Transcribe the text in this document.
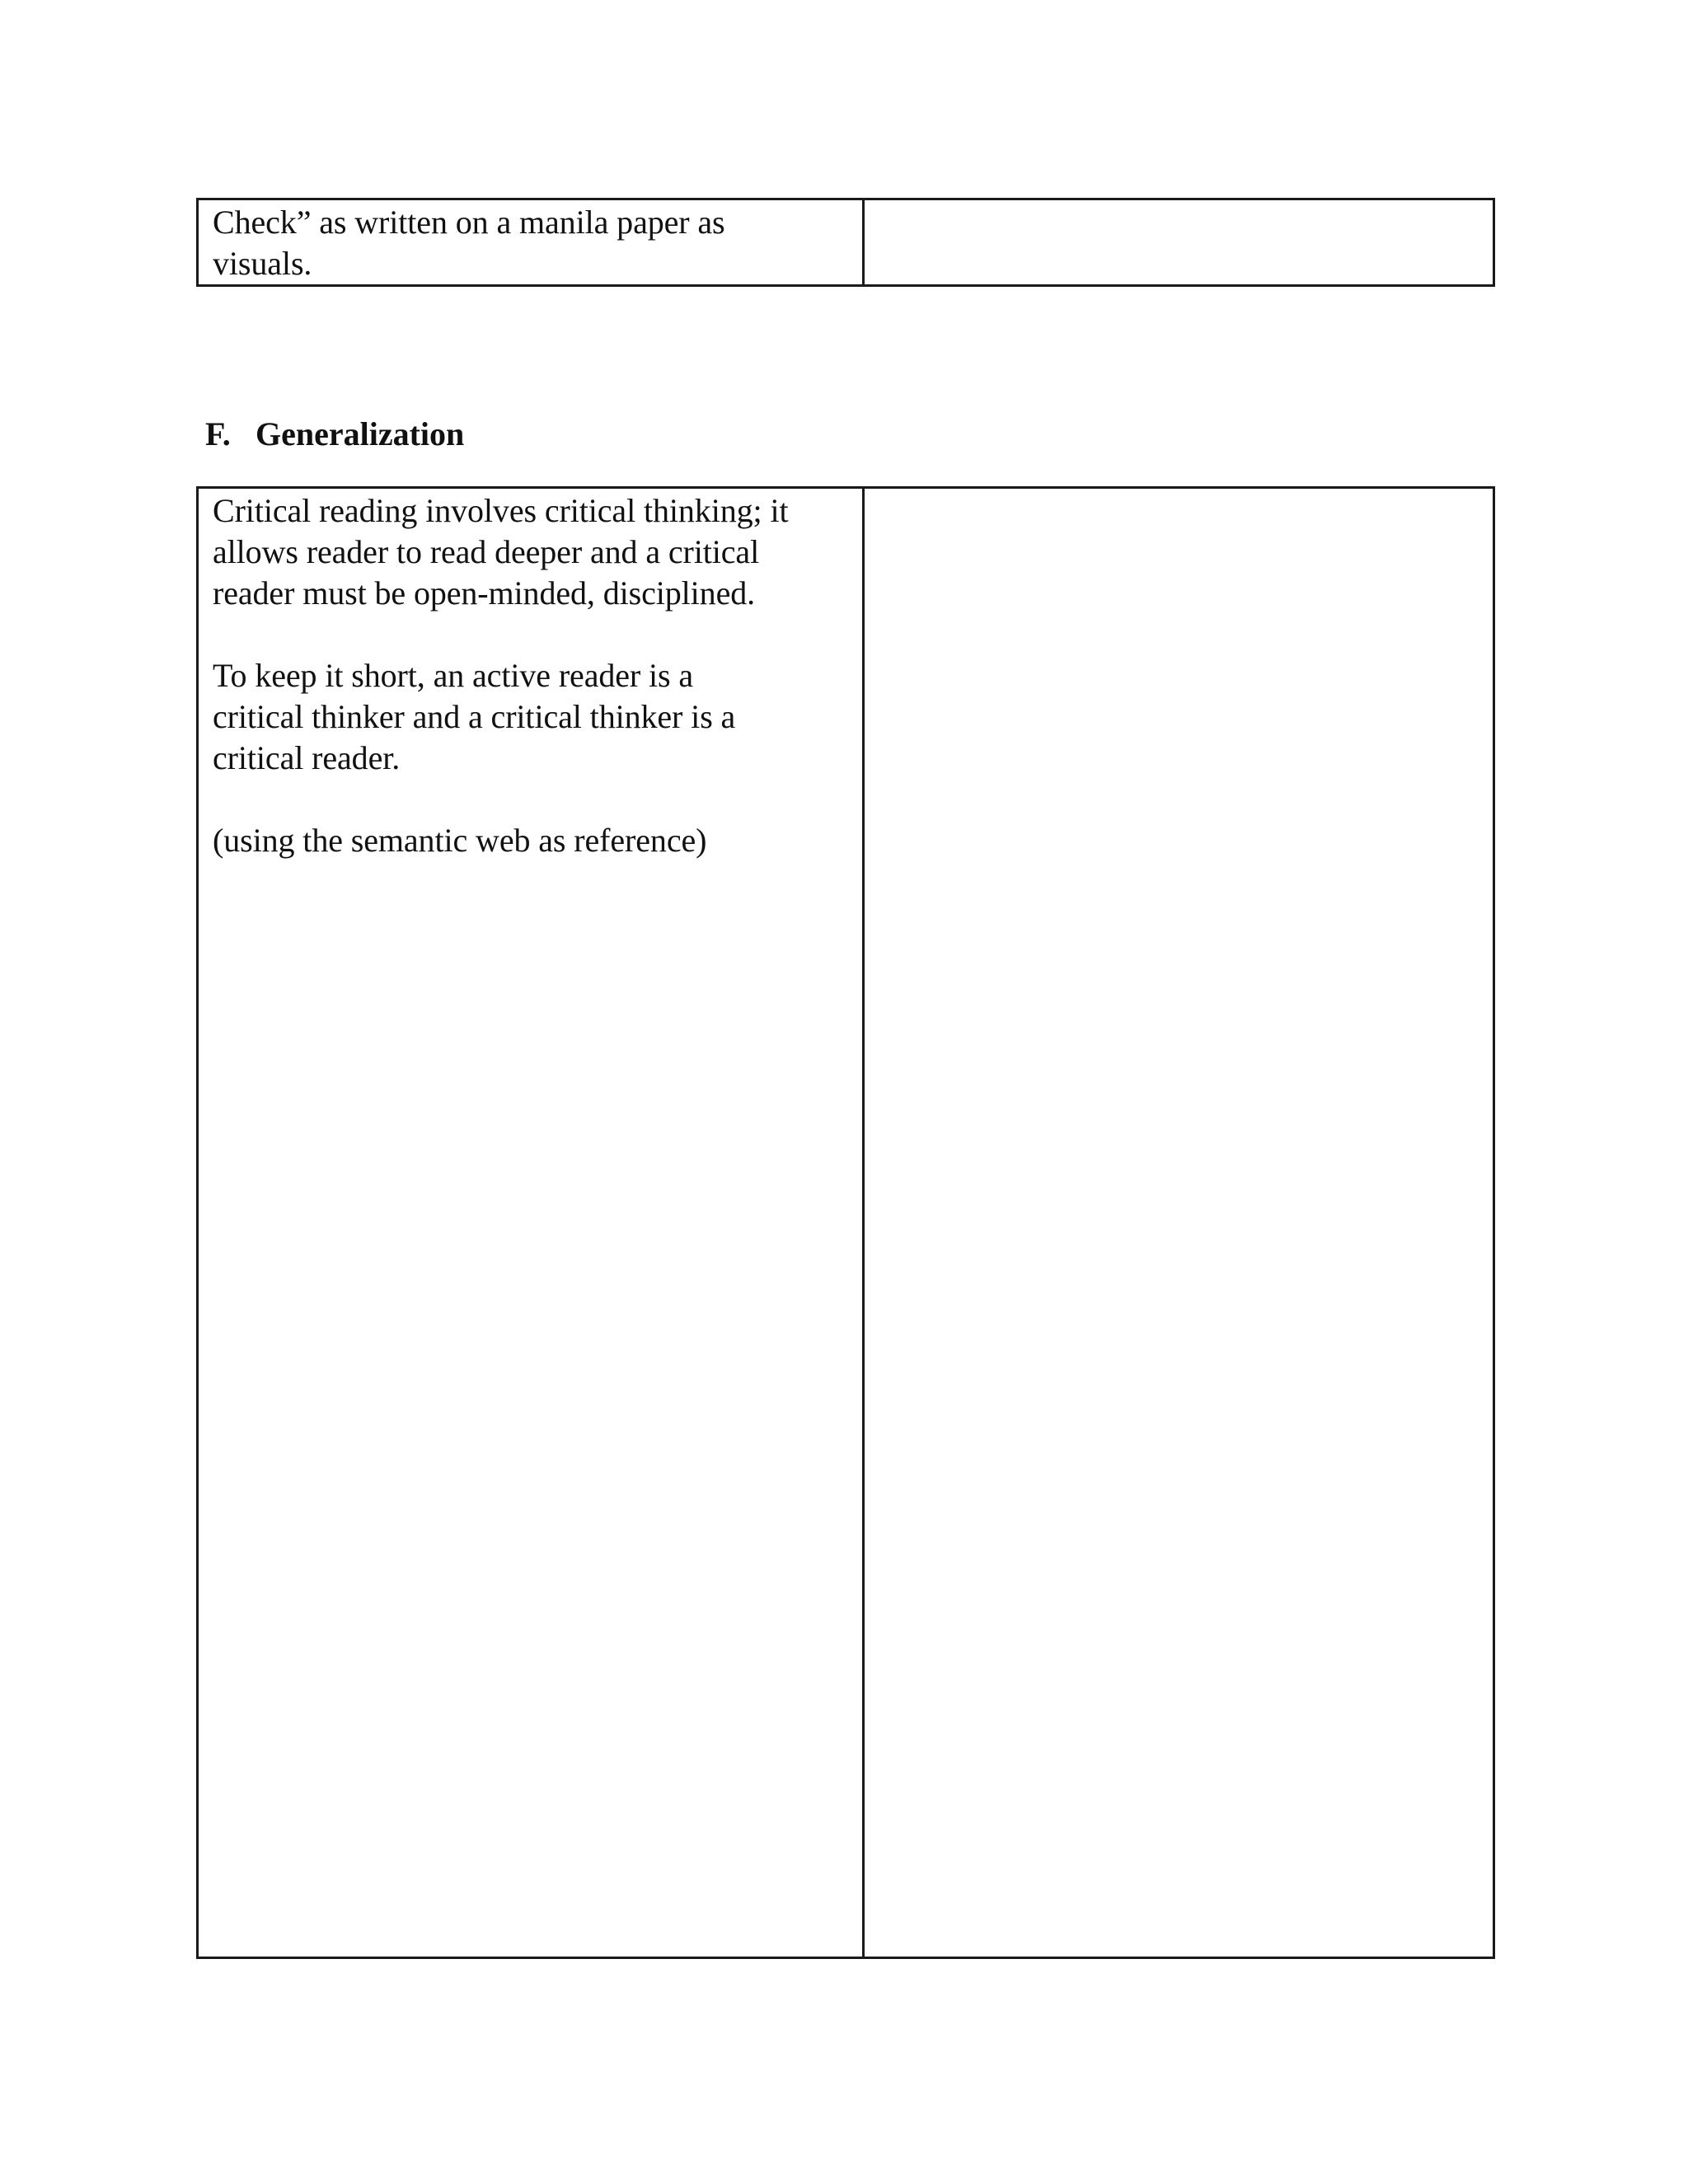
Check” as written on a manila paper as
visuals.

F. Generalization
Critical reading involves critical thinking; it
allows reader to read deeper and a critical
reader must be open-minded, disciplined.
To keep it short, an active reader is a
critical thinker and a critical thinker is a
critical reader.
(using the semantic web as reference)
